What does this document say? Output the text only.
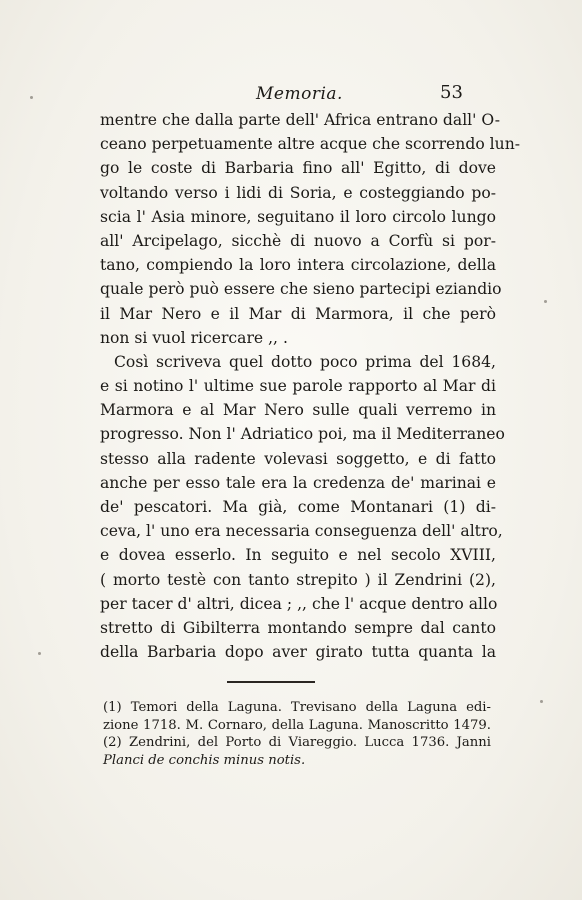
Memoria.	53
mentre che dalla parte dell' Africa entrano dall' O-
ceano perpetuamente altre acque che scorrendo lun-
go le coste di Barbaria fino all' Egitto, di dove
voltando verso i lidi di Soria, e costeggiando po-
scia l' Asia minore, seguitano il loro circolo lungo
all' Arcipelago, sicchè di nuovo a Corfù si por-
tano, compiendo la loro intera circolazione, della
quale però può essere che sieno partecipi eziandio
il Mar Nero e il Mar di Marmora, il che però
non si vuol ricercare ,, .
Così scriveva quel dotto poco prima del 1684,
e si notino l' ultime sue parole rapporto al Mar di
Marmora e al Mar Nero sulle quali verremo in
progresso. Non l' Adriatico poi, ma il Mediterraneo
stesso alla radente volevasi soggetto, e di fatto
anche per esso tale era la credenza de' marinai e
de' pescatori. Ma già, come Montanari (1) di-
ceva, l' uno era necessaria conseguenza dell' altro,
e dovea esserlo. In seguito e nel secolo XVIII,
( morto testè con tanto strepito ) il Zendrini (2),
per tacer d' altri, dicea ; ,, che l' acque dentro allo
stretto di Gibilterra montando sempre dal canto
della Barbaria dopo aver girato tutta quanta la
(1) Temori della Laguna. Trevisano della Laguna edi-
zione 1718. M. Cornaro, della Laguna. Manoscritto 1479.
(2) Zendrini, del Porto di Viareggio. Lucca 1736. Janni
Planci de conchis minus notis.
